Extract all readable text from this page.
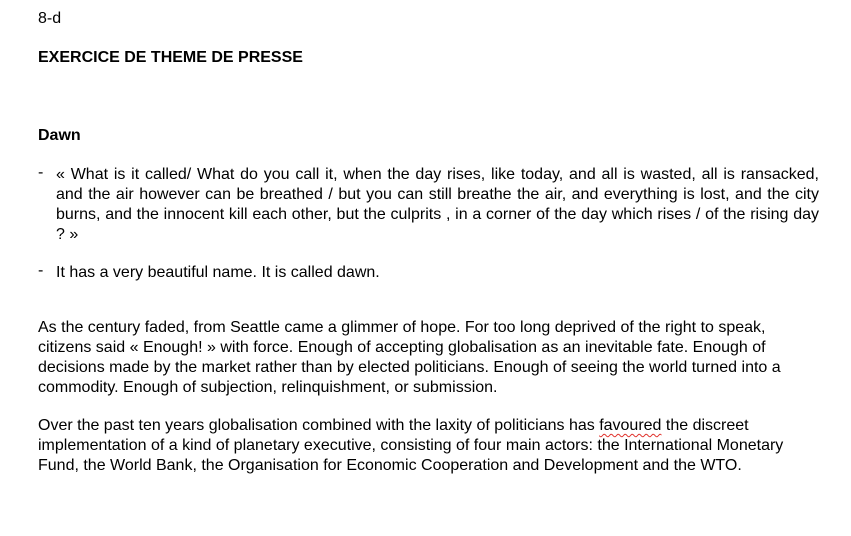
8-d

EXERCICE DE THEME DE PRESSE

Dawn

- « What is it called/ What do you call it, when the day rises, like today, and all is wasted, all is ransacked, and the air however can be breathed / but you can still breathe the air, and everything is lost, and the city burns, and the innocent kill each other, but the culprits , in a corner of the day which rises / of the rising day ? »
- It has a very beautiful name. It is called dawn.

As the century faded, from Seattle came a glimmer of hope. For too long deprived of the right to speak, citizens said « Enough! » with force. Enough of accepting globalisation as an inevitable fate. Enough of decisions made by the market rather than by elected politicians. Enough of seeing the world turned into a commodity. Enough of subjection, relinquishment, or submission.

Over the past ten years globalisation combined with the laxity of politicians has favoured the discreet implementation of a kind of planetary executive, consisting of four main actors: the International Monetary Fund, the World Bank, the Organisation for Economic Cooperation and Development and the WTO.
